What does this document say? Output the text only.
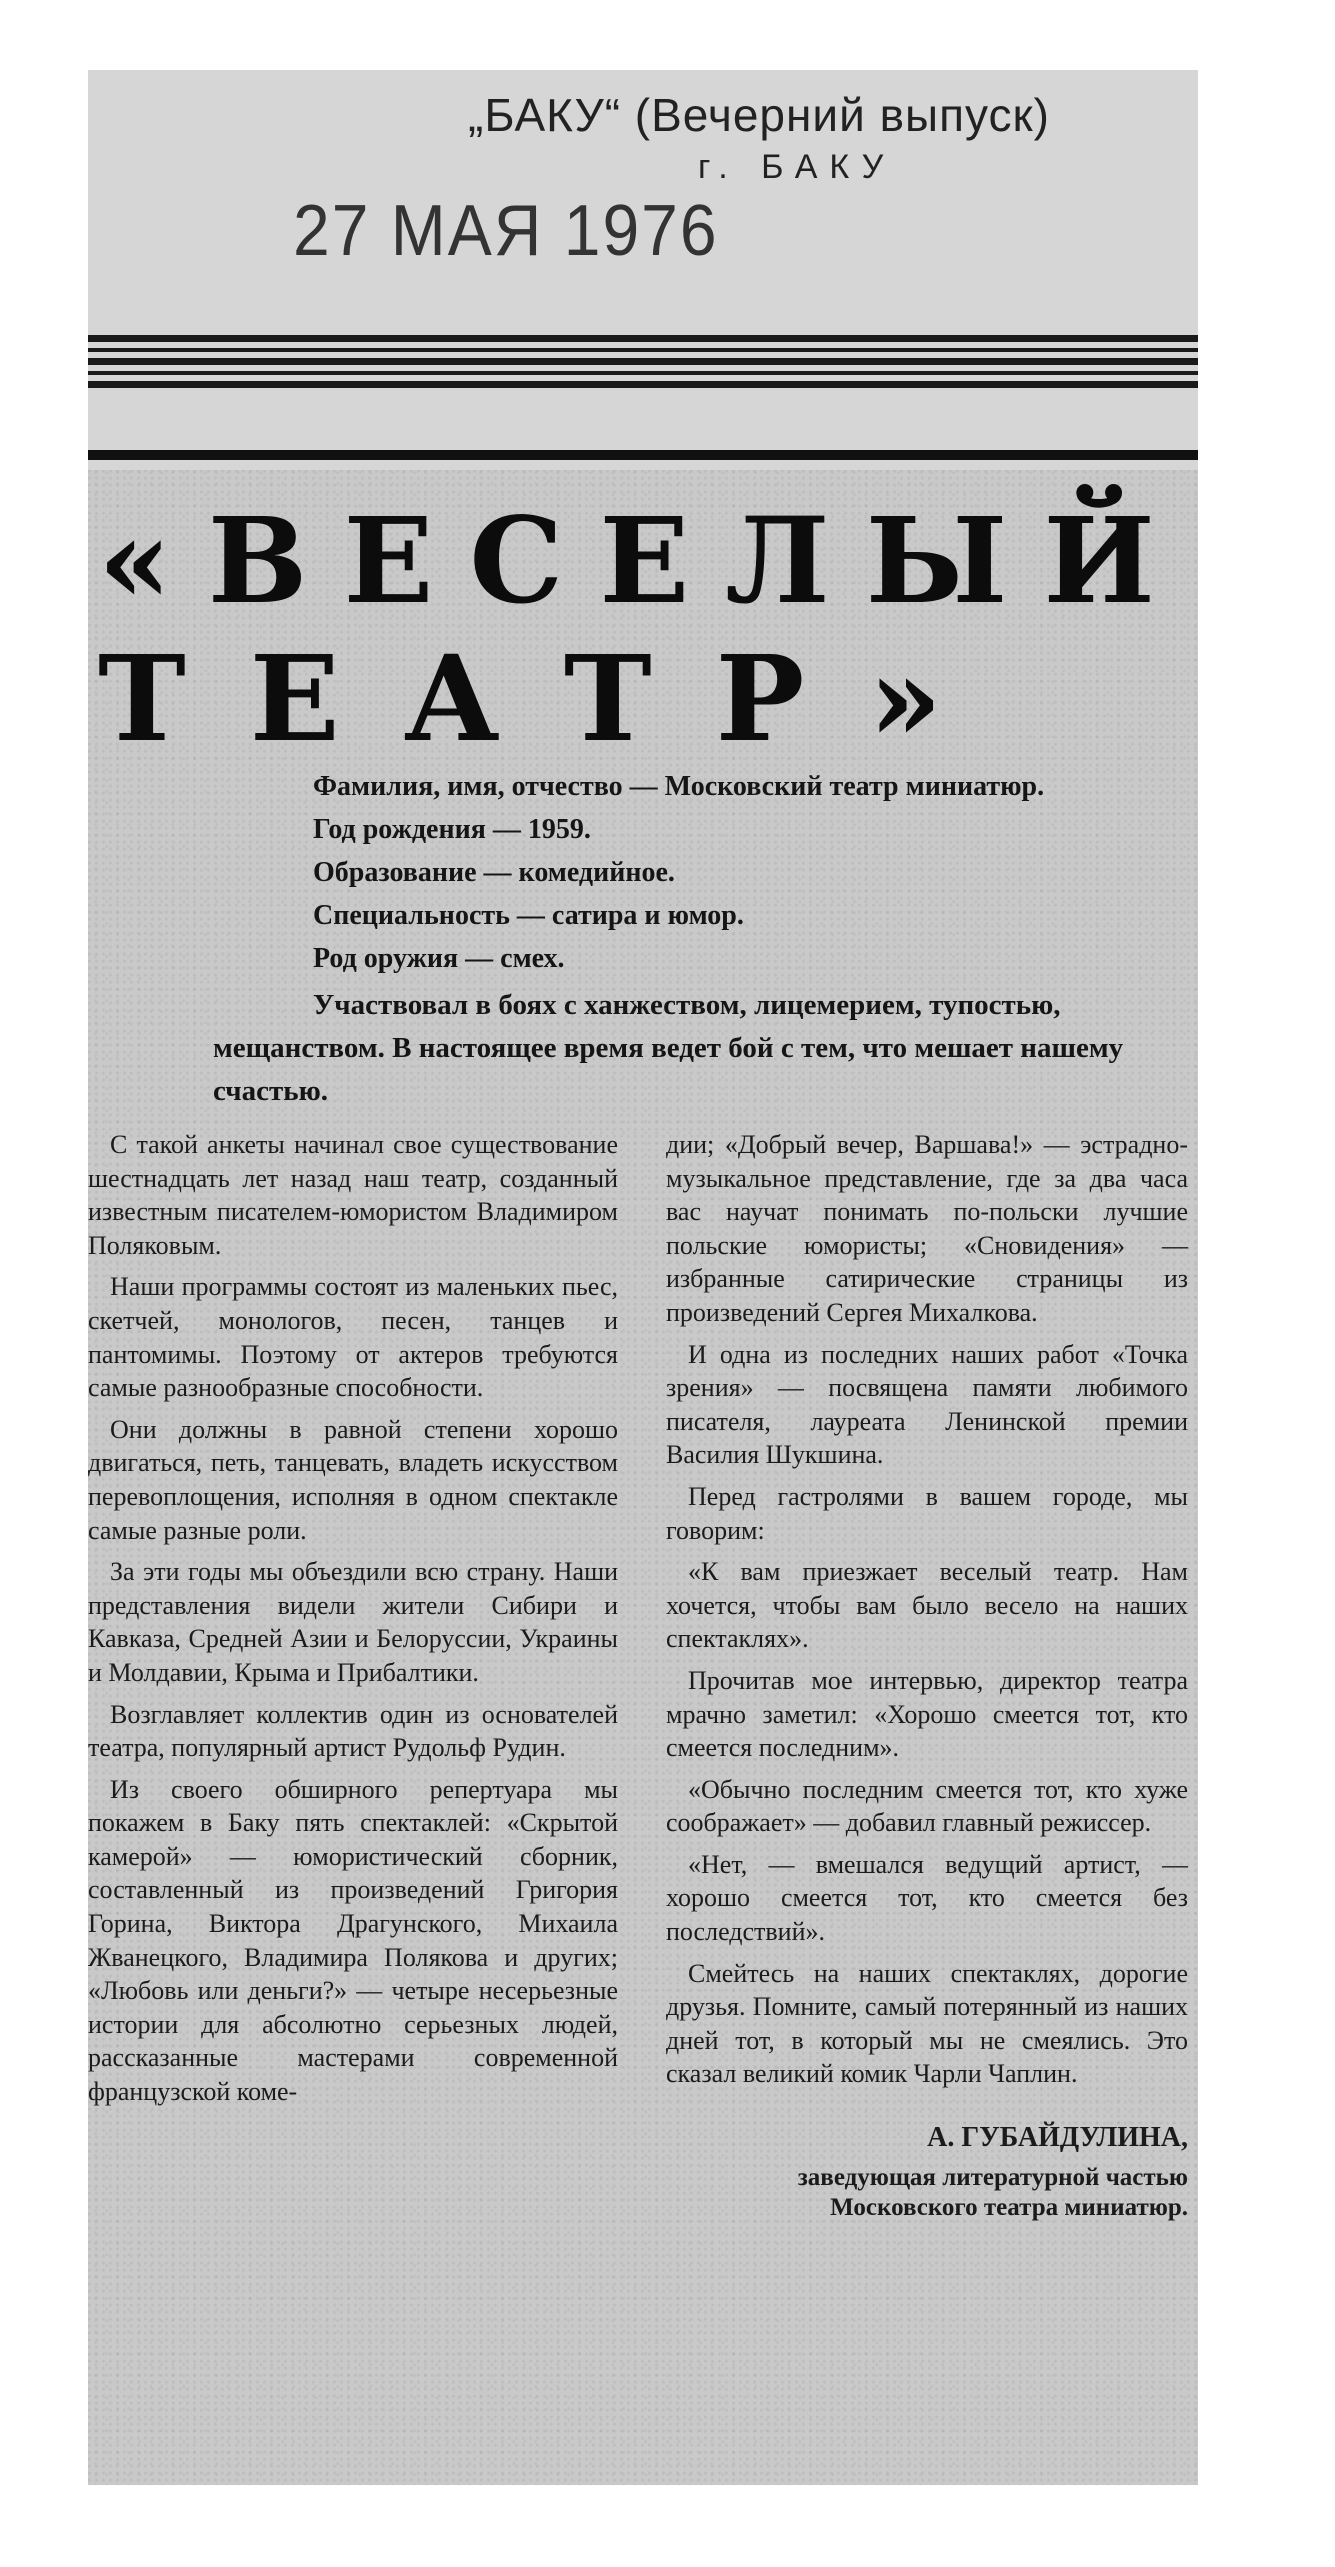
„БАКУ“ (Вечерний выпуск)
г. БАКУ
27 МАЯ 1976
«ВЕСЕЛЫЙ
ТЕАТР»

Фамилия, имя, отчество — Московский театр миниатюр.

Год рождения — 1959.

Образование — комедийное.

Специальность — сатира и юмор.

Род оружия — смех.

Участвовал в боях с ханжеством, лицемерием, тупостью, мещанством. В настоящее время ведет бой с тем, что мешает нашему счастью.

С такой анкеты начинал свое существование шестнадцать лет назад наш театр, созданный известным писателем-юмористом Владимиром Поляковым.

Наши программы состоят из маленьких пьес, скетчей, монологов, песен, танцев и пантомимы. Поэтому от актеров требуются самые разнообразные способности.

Они должны в равной степени хорошо двигаться, петь, танцевать, владеть искусством перевоплощения, исполняя в одном спектакле самые разные роли.

За эти годы мы объездили всю страну. Наши представления видели жители Сибири и Кавказа, Средней Азии и Белоруссии, Украины и Молдавии, Крыма и Прибалтики.

Возглавляет коллектив один из основателей театра, популярный артист Рудольф Рудин.

Из своего обширного репертуара мы покажем в Баку пять спектаклей: «Скрытой камерой» — юмористический сборник, составленный из произведений Григория Горина, Виктора Драгунского, Михаила Жванецкого, Владимира Полякова и других; «Любовь или деньги?» — четыре несерьезные истории для абсолютно серьезных людей, рассказанные мастерами современной французской коме-

дии; «Добрый вечер, Варшава!» — эстрадно-музыкальное представление, где за два часа вас научат понимать по-польски лучшие польские юмористы; «Сновидения» — избранные сатирические страницы из произведений Сергея Михалкова.

И одна из последних наших работ «Точка зрения» — посвящена памяти любимого писателя, лауреата Ленинской премии Василия Шукшина.

Перед гастролями в вашем городе, мы говорим:

«К вам приезжает веселый театр. Нам хочется, чтобы вам было весело на наших спектаклях».

Прочитав мое интервью, директор театра мрачно заметил: «Хорошо смеется тот, кто смеется последним».

«Обычно последним смеется тот, кто хуже соображает» — добавил главный режиссер.

«Нет, — вмешался ведущий артист, — хорошо смеется тот, кто смеется без последствий».

Смейтесь на наших спектаклях, дорогие друзья. Помните, самый потерянный из наших дней тот, в который мы не смеялись. Это сказал великий комик Чарли Чаплин.

А. ГУБАЙДУЛИНА,

заведующая литературной частью Московского театра миниатюр.
